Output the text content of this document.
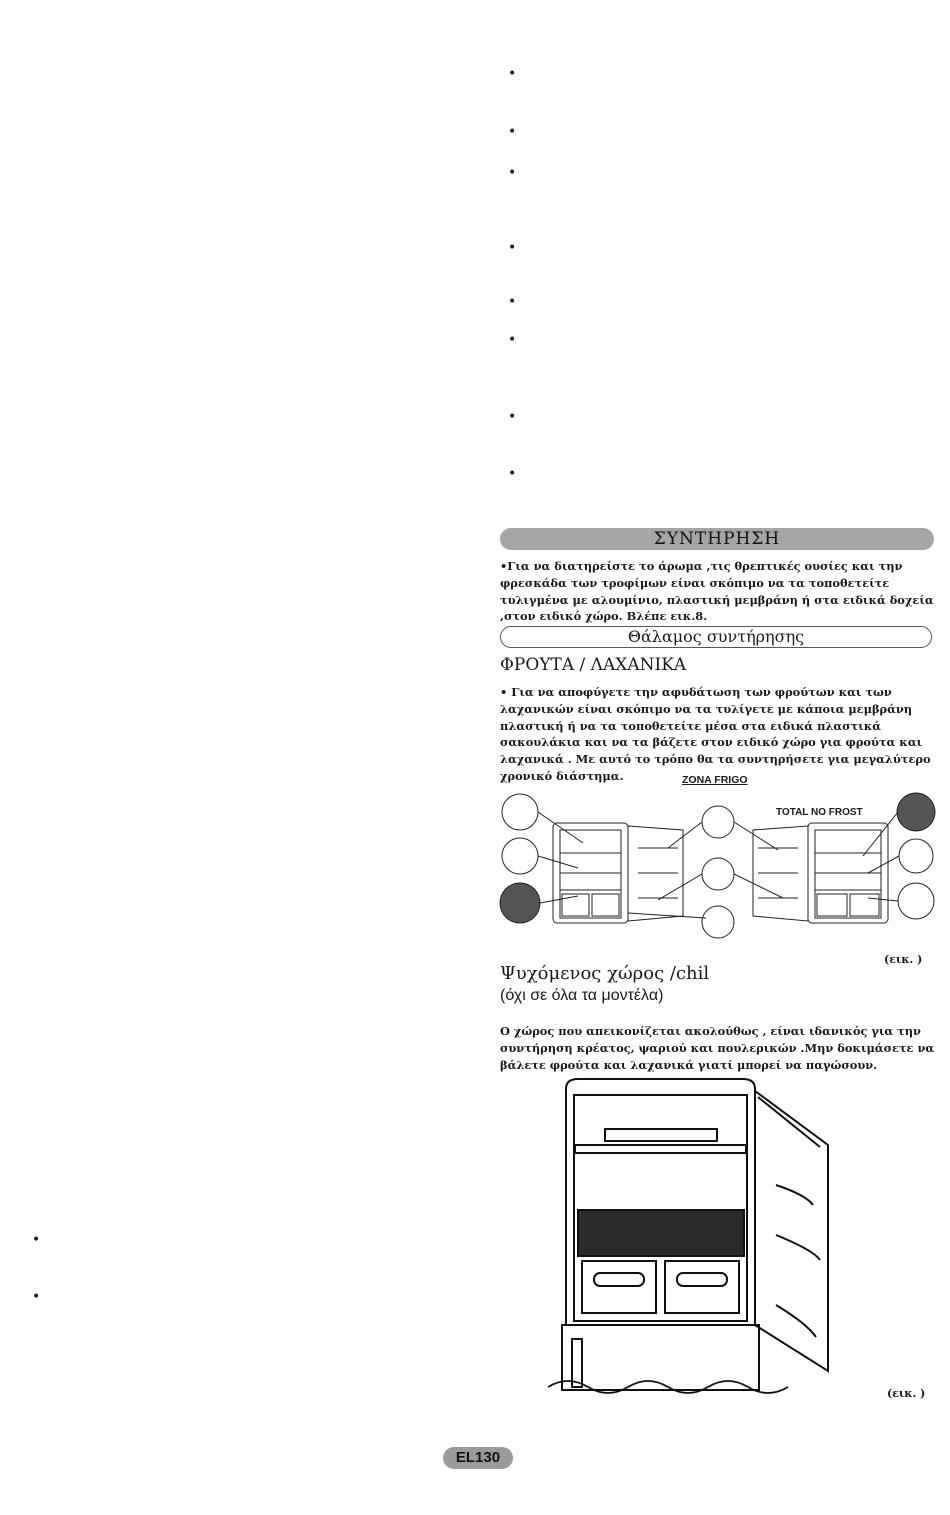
•
•
•
•
•
•
•
•
•
•
ΣΥΝΤΗΡΗΣΗ
•Για να διατηρείστε το άρωμα ,τις θρεπτικές ουσίες και την φρεσκάδα των τροφίμων είναι σκόπιμο να τα τοποθετείτε τυλιγμένα με αλουμίνιο, πλαστική μεμβράνη ή στα ειδικά δοχεία ,στον ειδικό χώρο. Βλέπε εικ.8.
Θάλαμος συντήρησης
ΦΡΟΥΤΑ / ΛΑΧΑΝΙΚΑ
• Για να αποφύγετε την αφυδάτωση των φρούτων και των λαχανικών είναι σκόπιμο να τα τυλίγετε με κάποια μεμβράνη πλαστική ή να τα τοποθετείτε μέσα στα ειδικά πλαστικά σακουλάκια και να τα βάζετε στον ειδικό χώρο για φρούτα και λαχανικά . Με αυτό το τρόπο θα τα συντηρήσετε για μεγαλύτερο χρονικό διάστημα.	ZONA FRIGO
TOTAL NO FROST
(εικ. )
Ψυχόμενος χώρος /chil
(όχι σε όλα τα μοντέλα)
Ο χώρος που απεικονίζεται ακολούθως , είναι ιδανικός για την συντήρηση κρέατος, ψαριού και πουλερικών .Μην δοκιμάσετε να βάλετε φρούτα και λαχανικά γιατί μπορεί να παγώσουν.
(εικ. )
EL130
